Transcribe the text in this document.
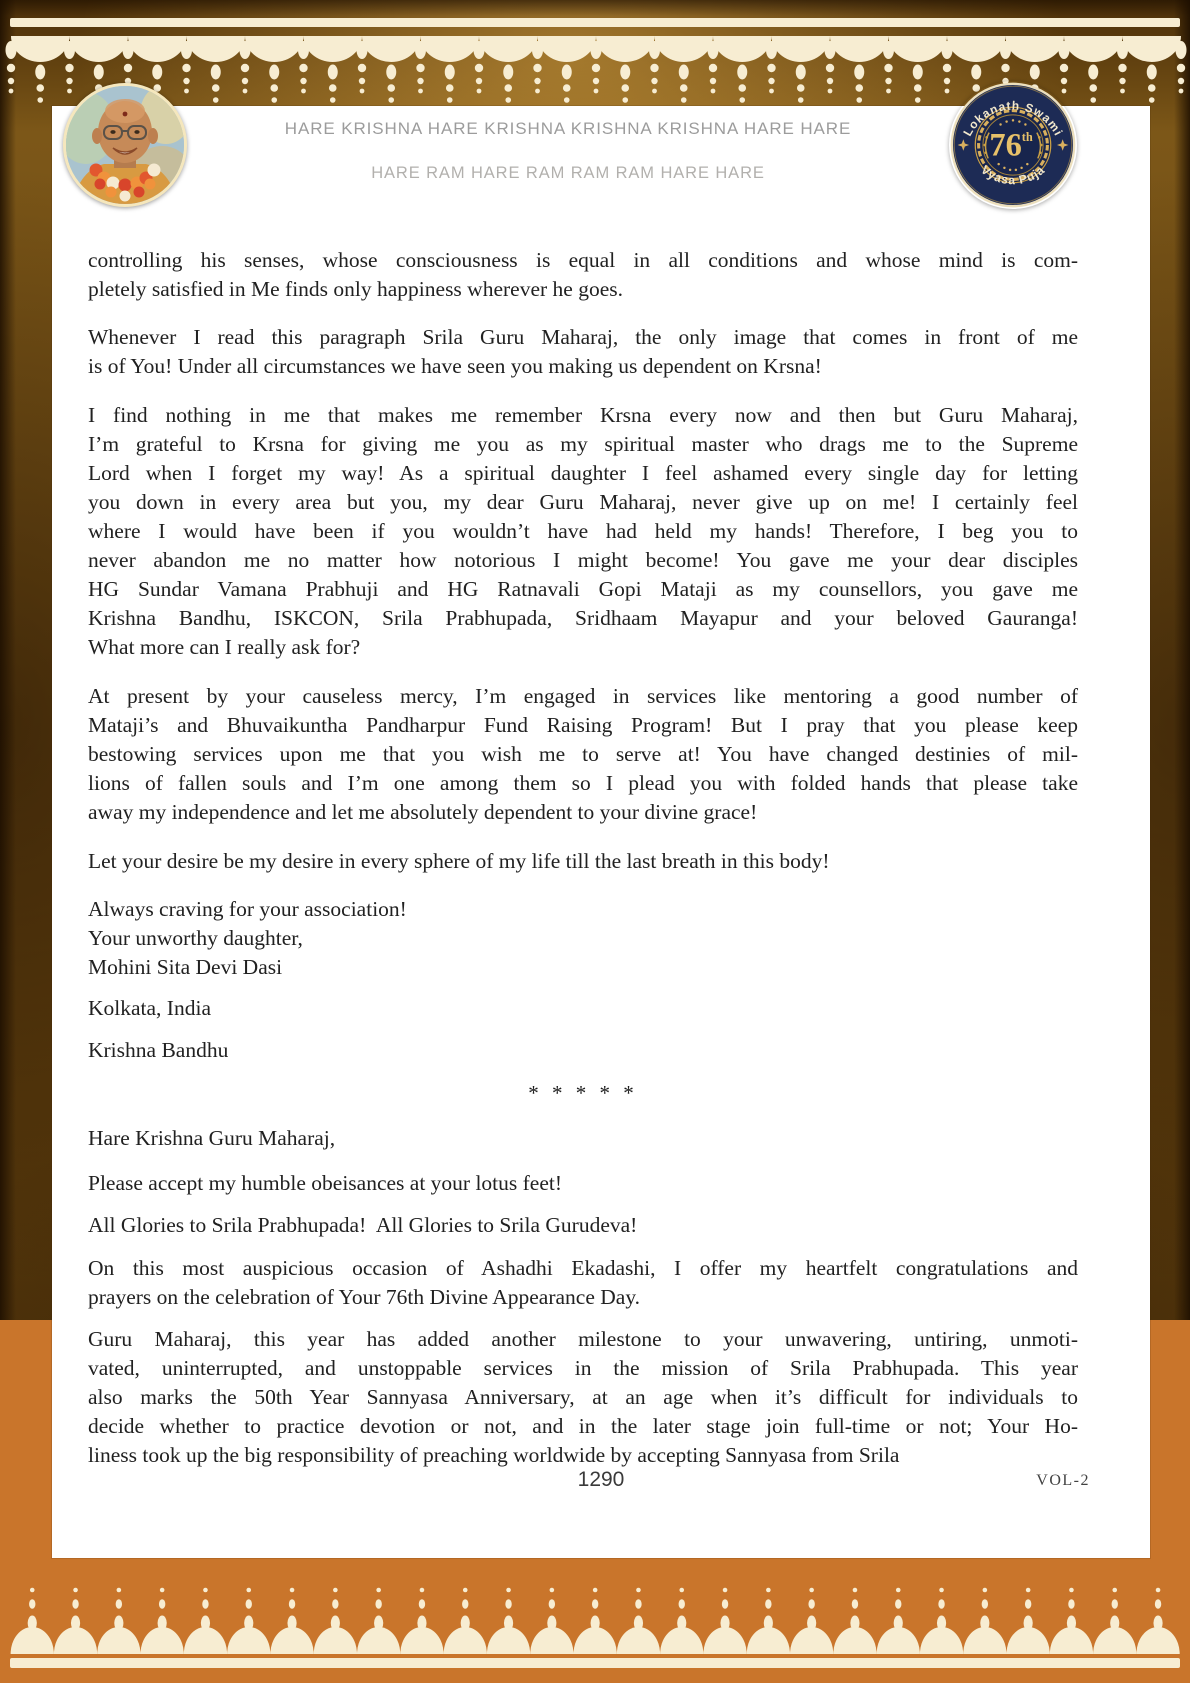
HARE KRISHNA HARE KRISHNA KRISHNA KRISHNA HARE HARE
HARE RAM HARE RAM RAM RAM HARE HARE
controlling his senses, whose consciousness is equal in all conditions and whose mind is com-
pletely satisfied in Me finds only happiness wherever he goes.
Whenever I read this paragraph Srila Guru Maharaj, the only image that comes in front of me
is of You! Under all circumstances we have seen you making us dependent on Krsna!
I find nothing in me that makes me remember Krsna every now and then but Guru Maharaj,
I’m grateful to Krsna for giving me you as my spiritual master who drags me to the Supreme
Lord when I forget my way! As a spiritual daughter I feel ashamed every single day for letting
you down in every area but you, my dear Guru Maharaj, never give up on me! I certainly feel
where I would have been if you wouldn’t have had held my hands! Therefore, I beg you to
never abandon me no matter how notorious I might become! You gave me your dear disciples
HG Sundar Vamana Prabhuji and HG Ratnavali Gopi Mataji as my counsellors, you gave me
Krishna Bandhu, ISKCON, Srila Prabhupada, Sridhaam Mayapur and your beloved Gauranga!
What more can I really ask for?
At present by your causeless mercy, I’m engaged in services like mentoring a good number of
Mataji’s and Bhuvaikuntha Pandharpur Fund Raising Program! But I pray that you please keep
bestowing services upon me that you wish me to serve at! You have changed destinies of mil-
lions of fallen souls and I’m one among them so I plead you with folded hands that please take
away my independence and let me absolutely dependent to your divine grace!
Let your desire be my desire in every sphere of my life till the last breath in this body!
Always craving for your association!
Your unworthy daughter,
Mohini Sita Devi Dasi
Kolkata, India
Krishna Bandhu
* * * * *
Hare Krishna Guru Maharaj,
Please accept my humble obeisances at your lotus feet!
All Glories to Srila Prabhupada!  All Glories to Srila Gurudeva!
On this most auspicious occasion of Ashadhi Ekadashi, I offer my heartfelt congratulations and
prayers on the celebration of Your 76th Divine Appearance Day.
Guru Maharaj, this year has added another milestone to your unwavering, untiring, unmoti-
vated, uninterrupted, and unstoppable services in the mission of Srila Prabhupada. This year
also marks the 50th Year Sannyasa Anniversary, at an age when it’s difficult for individuals to
decide whether to practice devotion or not, and in the later stage join full-time or not; Your Ho-
liness took up the big responsibility of preaching worldwide by accepting Sannyasa from Srila
1290	VOL-2
76th
Lokanath Swami
Vyasa Puja
